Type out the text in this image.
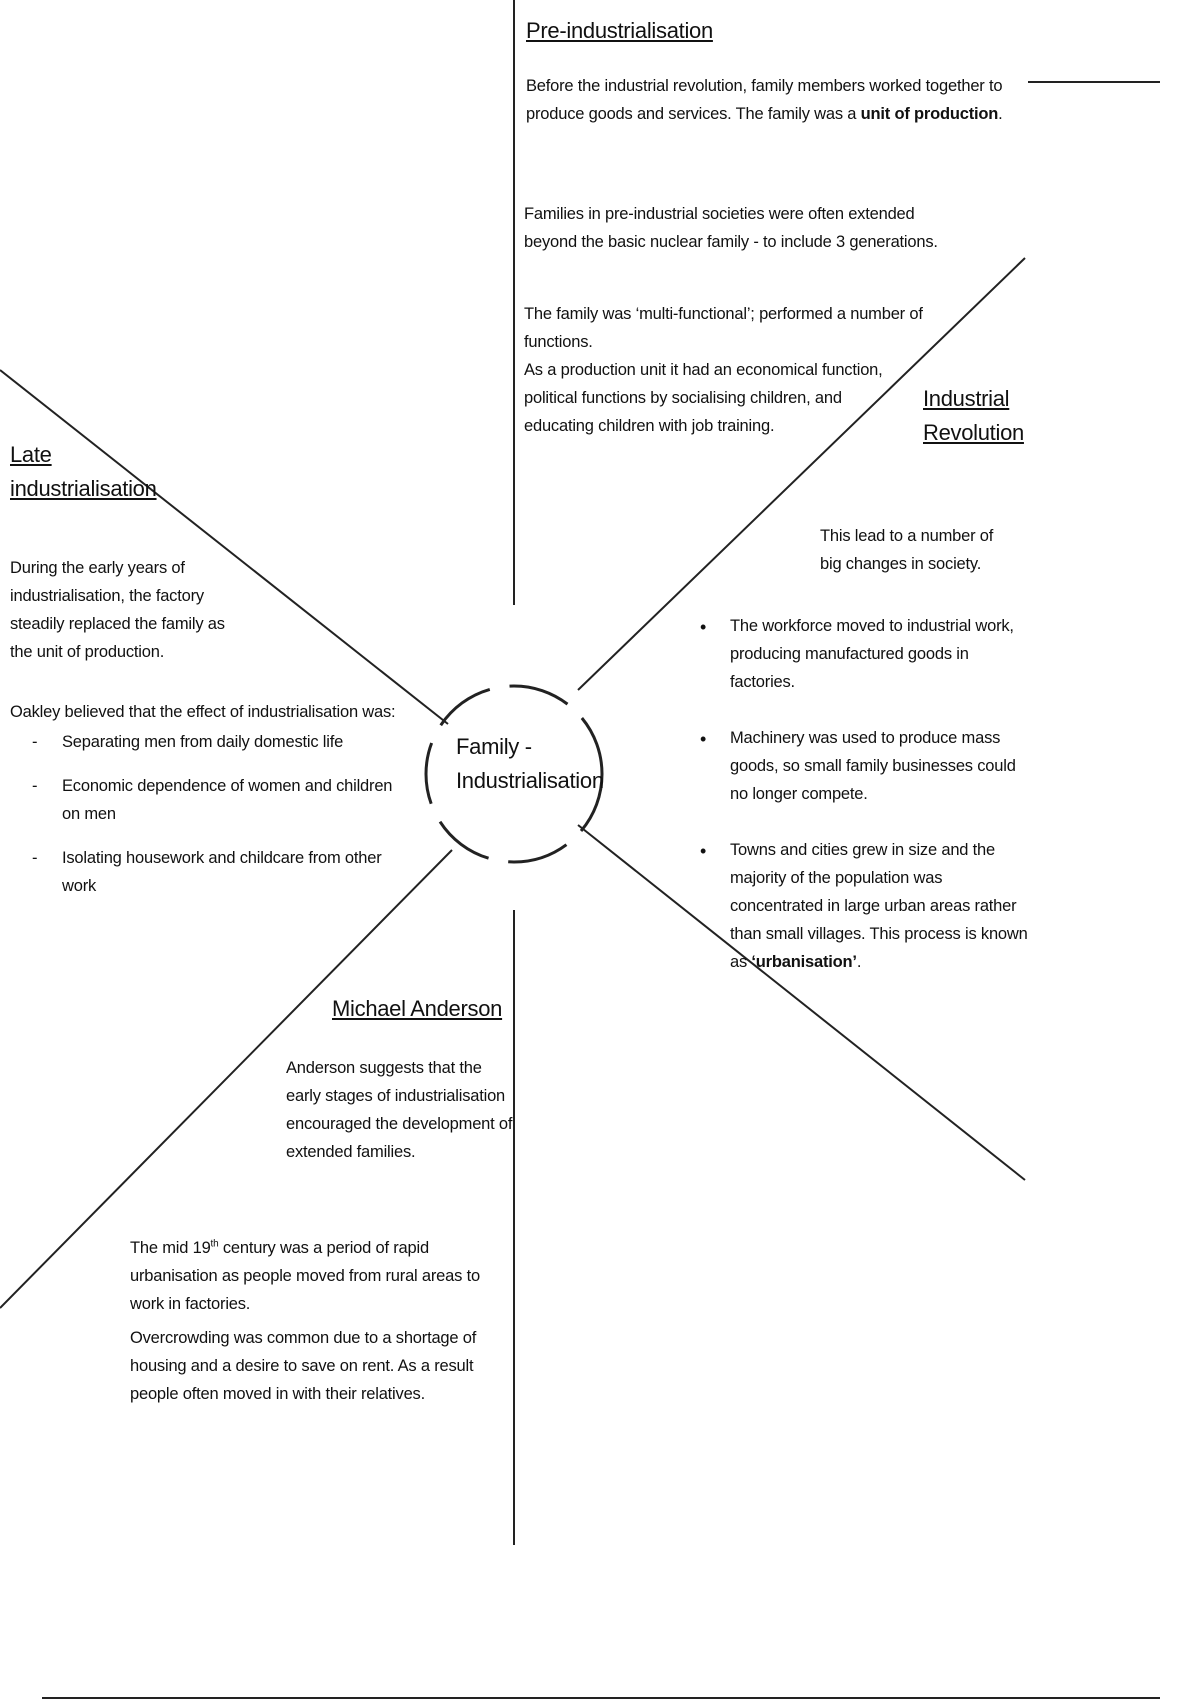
Family -
Industrialisation
Pre-industrialisation
Before the industrial revolution, family members worked together to produce goods and services. The family was a unit of production.
Families in pre-industrial societies were often extended beyond the basic nuclear family - to include 3 generations.
The family was ‘multi-functional’; performed a number of functions.
As a production unit it had an economical function,
political functions by socialising children, and
educating children with job training.
Industrial
Revolution
This lead to a number of big changes in society.
• The workforce moved to industrial work, producing manufactured goods in factories.
• Machinery was used to produce mass goods, so small family businesses could no longer compete.
• Towns and cities grew in size and the majority of the population was concentrated in large urban areas rather than small villages. This process is known as ‘urbanisation’.
Late
industrialisation
During the early years of industrialisation, the factory steadily replaced the family as the unit of production.
Oakley believed that the effect of industrialisation was:
- Separating men from daily domestic life
- Economic dependence of women and children on men
- Isolating housework and childcare from other work
Michael Anderson
Anderson suggests that the early stages of industrialisation encouraged the development of extended families.
The mid 19th century was a period of rapid urbanisation as people moved from rural areas to work in factories.
Overcrowding was common due to a shortage of housing and a desire to save on rent. As a result people often moved in with their relatives.
